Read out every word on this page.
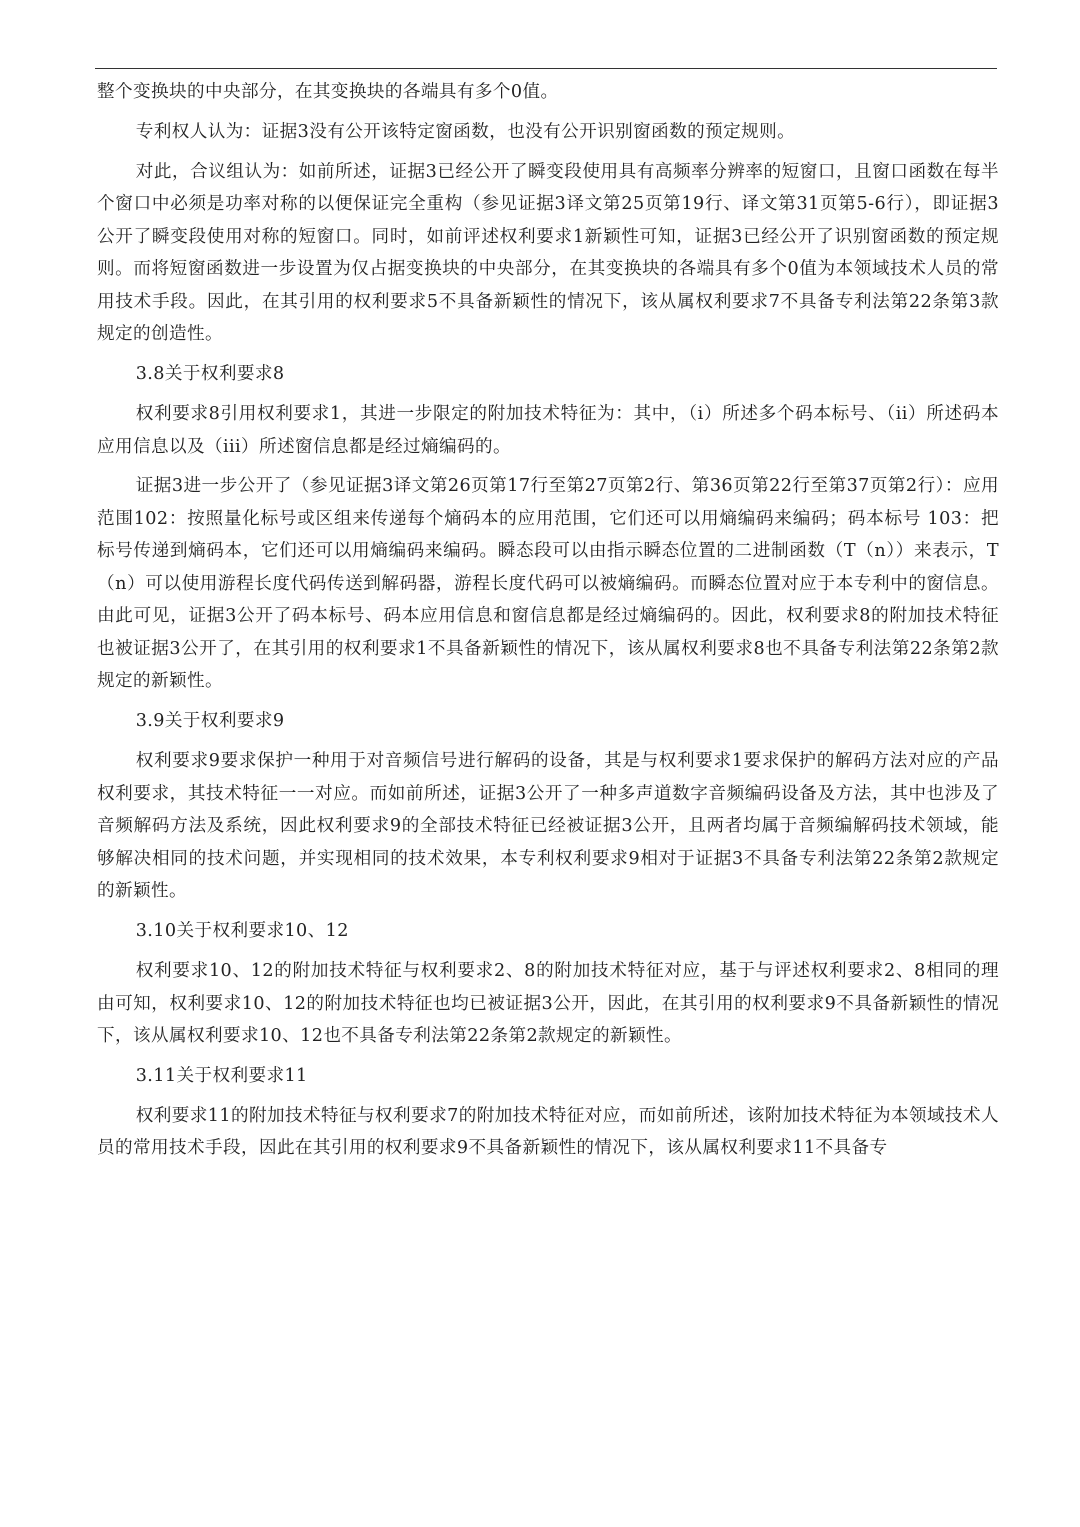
整个变换块的中央部分，在其变换块的各端具有多个0值。

专利权人认为：证据3没有公开该特定窗函数，也没有公开识别窗函数的预定规则。

对此，合议组认为：如前所述，证据3已经公开了瞬变段使用具有高频率分辨率的短窗口，且窗口函数在每半个窗口中必须是功率对称的以便保证完全重构（参见证据3译文第25页第19行、译文第31页第5-6行），即证据3公开了瞬变段使用对称的短窗口。同时，如前评述权利要求1新颖性可知，证据3已经公开了识别窗函数的预定规则。而将短窗函数进一步设置为仅占据变换块的中央部分，在其变换块的各端具有多个0值为本领域技术人员的常用技术手段。因此，在其引用的权利要求5不具备新颖性的情况下，该从属权利要求7不具备专利法第22条第3款规定的创造性。

3.8关于权利要求8

权利要求8引用权利要求1，其进一步限定的附加技术特征为：其中，（i）所述多个码本标号、（ii）所述码本应用信息以及（iii）所述窗信息都是经过熵编码的。

证据3进一步公开了（参见证据3译文第26页第17行至第27页第2行、第36页第22行至第37页第2行）：应用范围102：按照量化标号或区组来传递每个熵码本的应用范围，它们还可以用熵编码来编码；码本标号 103：把标号传递到熵码本，它们还可以用熵编码来编码。瞬态段可以由指示瞬态位置的二进制函数（T（n））来表示，T（n）可以使用游程长度代码传送到解码器，游程长度代码可以被熵编码。而瞬态位置对应于本专利中的窗信息。由此可见，证据3公开了码本标号、码本应用信息和窗信息都是经过熵编码的。因此，权利要求8的附加技术特征也被证据3公开了，在其引用的权利要求1不具备新颖性的情况下，该从属权利要求8也不具备专利法第22条第2款规定的新颖性。

3.9关于权利要求9

权利要求9要求保护一种用于对音频信号进行解码的设备，其是与权利要求1要求保护的解码方法对应的产品权利要求，其技术特征一一对应。而如前所述，证据3公开了一种多声道数字音频编码设备及方法，其中也涉及了音频解码方法及系统，因此权利要求9的全部技术特征已经被证据3公开，且两者均属于音频编解码技术领域，能够解决相同的技术问题，并实现相同的技术效果，本专利权利要求9相对于证据3不具备专利法第22条第2款规定的新颖性。

3.10关于权利要求10、12

权利要求10、12的附加技术特征与权利要求2、8的附加技术特征对应，基于与评述权利要求2、8相同的理由可知，权利要求10、12的附加技术特征也均已被证据3公开，因此，在其引用的权利要求9不具备新颖性的情况下，该从属权利要求10、12也不具备专利法第22条第2款规定的新颖性。

3.11关于权利要求11

权利要求11的附加技术特征与权利要求7的附加技术特征对应，而如前所述，该附加技术特征为本领域技术人员的常用技术手段，因此在其引用的权利要求9不具备新颖性的情况下，该从属权利要求11不具备专
